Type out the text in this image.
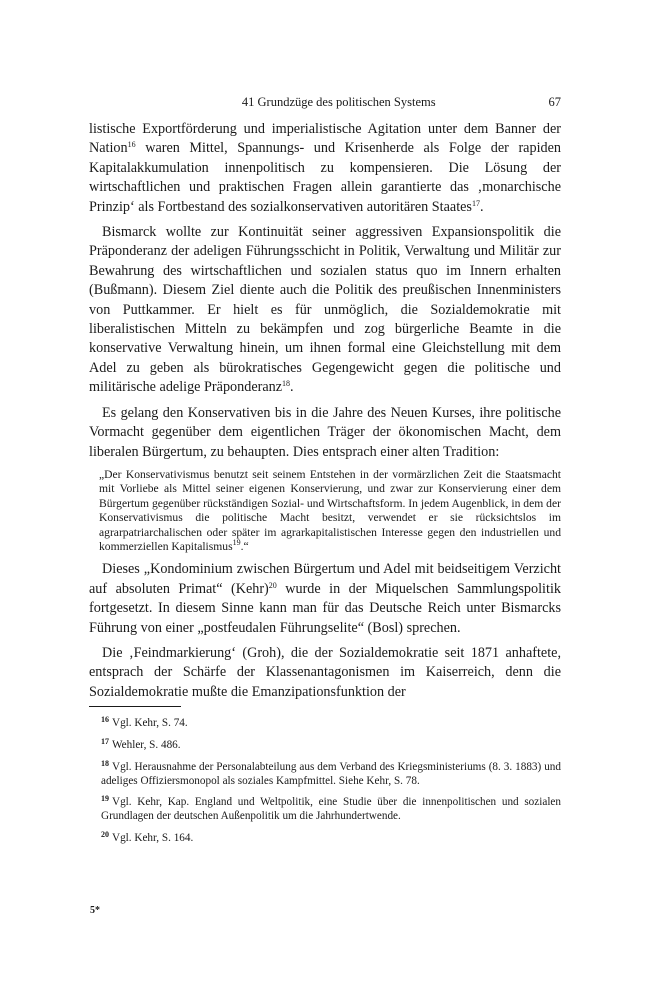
41 Grundzüge des politischen Systems	67

listische Exportförderung und imperialistische Agitation unter dem Banner der Nation$^{16}$ waren Mittel, Spannungs- und Krisenherde als Folge der rapiden Kapitalakkumulation innenpolitisch zu kompensieren. Die Lösung der wirtschaftlichen und praktischen Fragen allein garantierte das ‚monarchische Prinzip‘ als Fortbestand des sozialkonservativen autoritären Staates$^{17}$.

Bismarck wollte zur Kontinuität seiner aggressiven Expansionspolitik die Präponderanz der adeligen Führungsschicht in Politik, Verwaltung und Militär zur Bewahrung des wirtschaftlichen und sozialen status quo im Innern erhalten (Bußmann). Diesem Ziel diente auch die Politik des preußischen Innenministers von Puttkammer. Er hielt es für unmöglich, die Sozialdemokratie mit liberalistischen Mitteln zu bekämpfen und zog bürgerliche Beamte in die konservative Verwaltung hinein, um ihnen formal eine Gleichstellung mit dem Adel zu geben als bürokratisches Gegengewicht gegen die politische und militärische adelige Präponderanz$^{18}$.

Es gelang den Konservativen bis in die Jahre des Neuen Kurses, ihre politische Vormacht gegenüber dem eigentlichen Träger der ökonomischen Macht, dem liberalen Bürgertum, zu behaupten. Dies entsprach einer alten Tradition:

„Der Konservativismus benutzt seit seinem Entstehen in der vormärzlichen Zeit die Staatsmacht mit Vorliebe als Mittel seiner eigenen Konservierung, und zwar zur Konservierung einer dem Bürgertum gegenüber rückständigen Sozial- und Wirtschaftsform. In jedem Augenblick, in dem der Konservativismus die politische Macht besitzt, verwendet er sie rücksichtslos im agrarpatriarchalischen oder später im agrarkapitalistischen Interesse gegen den industriellen und kommerziellen Kapitalismus$^{19}$.“

Dieses „Kondominium zwischen Bürgertum und Adel mit beidseitigem Verzicht auf absoluten Primat“ (Kehr)$^{20}$ wurde in der Miquelschen Sammlungspolitik fortgesetzt. In diesem Sinne kann man für das Deutsche Reich unter Bismarcks Führung von einer „postfeudalen Führungselite“ (Bosl) sprechen.

Die ‚Feindmarkierung‘ (Groh), die der Sozialdemokratie seit 1871 anhaftete, entsprach der Schärfe der Klassenantagonismen im Kaiserreich, denn die Sozialdemokratie mußte die Emanzipationsfunktion der

$^{16}$ Vgl. Kehr, S. 74.
$^{17}$ Wehler, S. 486.
$^{18}$ Vgl. Herausnahme der Personalabteilung aus dem Verband des Kriegsministeriums (8. 3. 1883) und adeliges Offiziersmonopol als soziales Kampfmittel. Siehe Kehr, S. 78.
$^{19}$ Vgl. Kehr, Kap. England und Weltpolitik, eine Studie über die innenpolitischen und sozialen Grundlagen der deutschen Außenpolitik um die Jahrhundertwende.
$^{20}$ Vgl. Kehr, S. 164.
5*
